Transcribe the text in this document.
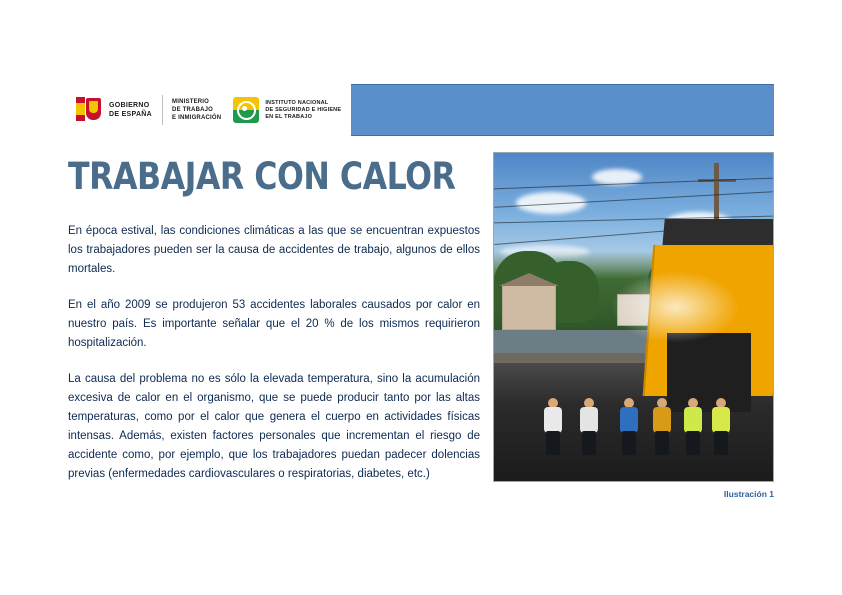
GOBIERNO
DE ESPAÑA
MINISTERIO
DE TRABAJO
E INMIGRACIÓN
INSTITUTO NACIONAL
DE SEGURIDAD E HIGIENE
EN EL TRABAJO
TRABAJAR CON CALOR

En época estival, las condiciones climáticas a las que se encuentran expuestos los trabajadores pueden ser la causa de accidentes de trabajo, algunos de ellos mortales.

En el año 2009 se produjeron 53 accidentes laborales causados por calor en nuestro país. Es importante señalar que el 20 % de los mismos requirieron hospitalización.

La causa del problema no es sólo la elevada temperatura, sino la acumulación excesiva de calor en el organismo, que se puede producir tanto por las altas temperaturas, como por el calor que genera el cuerpo en actividades físicas intensas. Además, existen factores personales que incrementan el riesgo de accidente como, por ejemplo, que los trabajadores puedan padecer dolencias previas (enfermedades cardiovasculares o respiratorias, diabetes, etc.)

Ilustración 1
